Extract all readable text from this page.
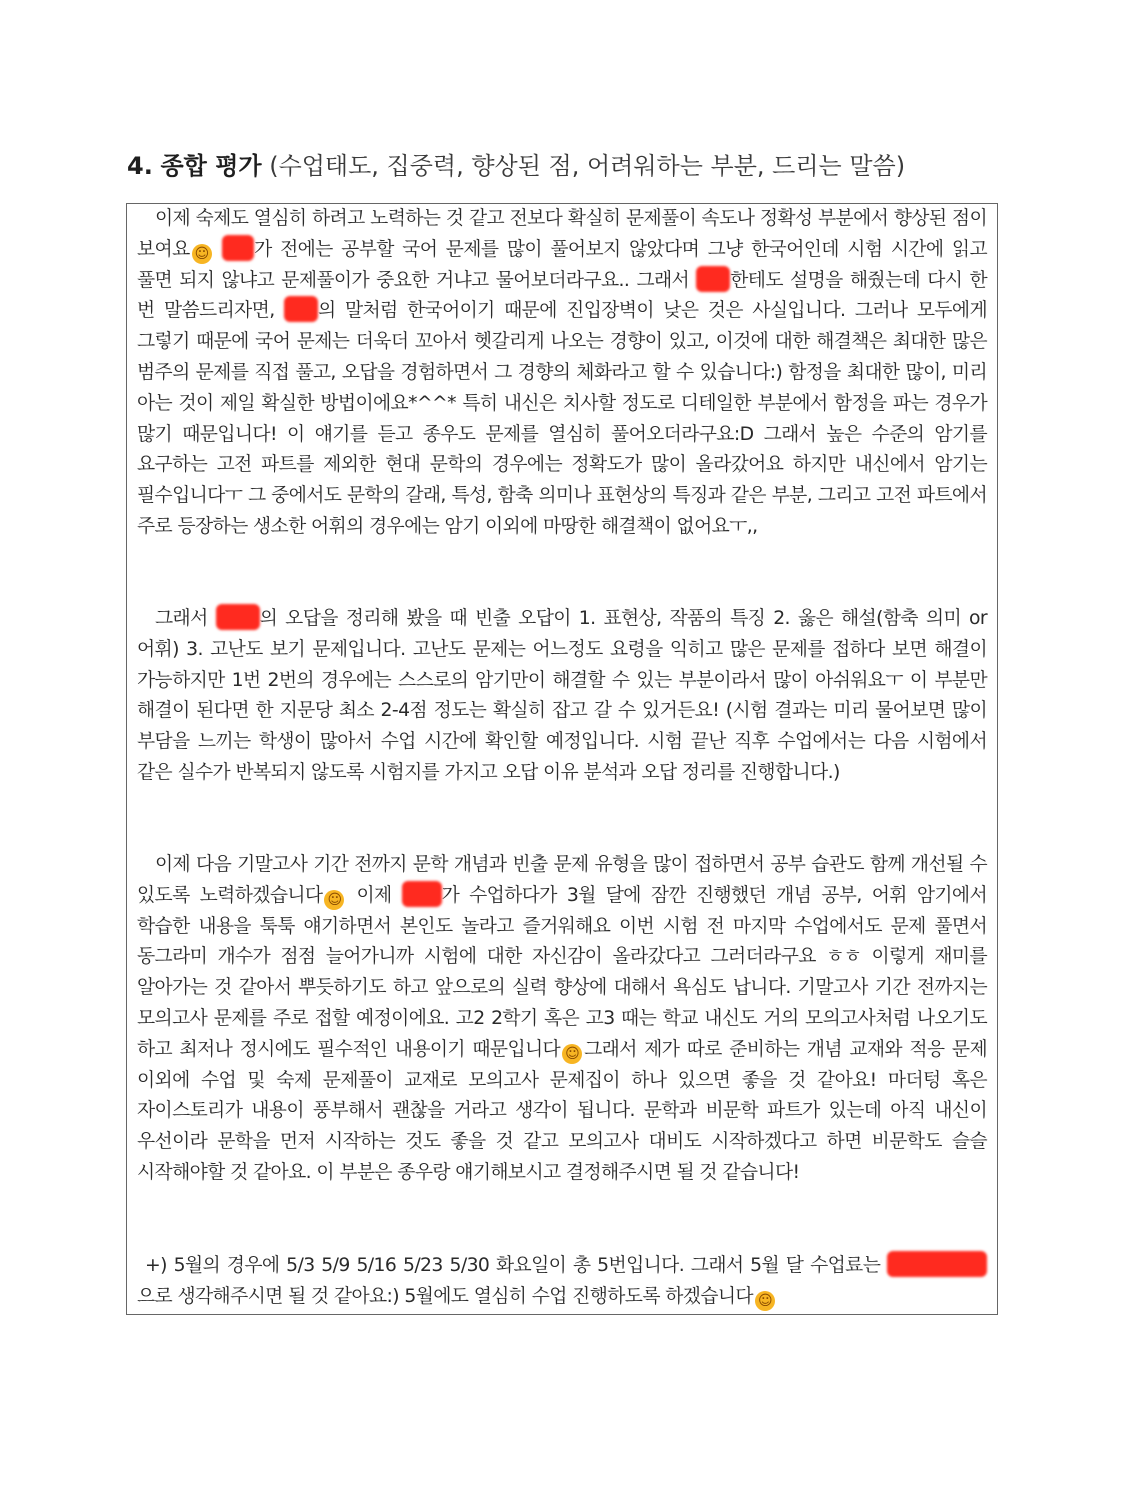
4. 종합 평가 (수업태도, 집중력, 향상된 점, 어려워하는 부분, 드리는 말씀)

이제 숙제도 열심히 하려고 노력하는 것 같고 전보다 확실히 문제풀이 속도나 정확성 부분에서 향상된 점이 보여요 ☺ 가 전에는 공부할 국어 문제를 많이 풀어보지 않았다며 그냥 한국어인데 시험 시간에 읽고 풀면 되지 않냐고 문제풀이가 중요한 거냐고 물어보더라구요.. 그래서 한테도 설명을 해줬는데 다시 한 번 말씀드리자면, 의 말처럼 한국어이기 때문에 진입장벽이 낮은 것은 사실입니다. 그러나 모두에게 그렇기 때문에 국어 문제는 더욱더 꼬아서 헷갈리게 나오는 경향이 있고, 이것에 대한 해결책은 최대한 많은 범주의 문제를 직접 풀고, 오답을 경험하면서 그 경향의 체화라고 할 수 있습니다:) 함정을 최대한 많이, 미리 아는 것이 제일 확실한 방법이에요*^^* 특히 내신은 치사할 정도로 디테일한 부분에서 함정을 파는 경우가 많기 때문입니다! 이 얘기를 듣고 종우도 문제를 열심히 풀어오더라구요:D 그래서 높은 수준의 암기를 요구하는 고전 파트를 제외한 현대 문학의 경우에는 정확도가 많이 올라갔어요 하지만 내신에서 암기는 필수입니다ㅜ 그 중에서도 문학의 갈래, 특성, 함축 의미나 표현상의 특징과 같은 부분, 그리고 고전 파트에서 주로 등장하는 생소한 어휘의 경우에는 암기 이외에 마땅한 해결책이 없어요ㅜ,,

그래서	의 오답을 정리해 봤을 때 빈출 오답이 1. 표현상, 작품의 특징 2. 옳은 해설(함축 의미 or 어휘) 3. 고난도 보기 문제입니다. 고난도 문제는 어느정도 요령을 익히고 많은 문제를 접하다 보면 해결이 가능하지만 1번 2번의 경우에는 스스로의 암기만이 해결할 수 있는 부분이라서 많이 아쉬워요ㅜ 이 부분만 해결이 된다면 한 지문당 최소 2-4점 정도는 확실히 잡고 갈 수 있거든요! (시험 결과는 미리 물어보면 많이 부담을 느끼는 학생이 많아서 수업 시간에 확인할 예정입니다. 시험 끝난 직후 수업에서는 다음 시험에서 같은 실수가 반복되지 않도록 시험지를 가지고 오답 이유 분석과 오답 정리를 진행합니다.)

이제 다음 기말고사 기간 전까지 문학 개념과 빈출 문제 유형을 많이 접하면서 공부 습관도 함께 개선될 수 있도록 노력하겠습니다 ☺ 이제	가 수업하다가 3월 달에 잠깐 진행했던 개념 공부, 어휘 암기에서 학습한 내용을 툭툭 얘기하면서 본인도 놀라고 즐거워해요 이번 시험 전 마지막 수업에서도 문제 풀면서 동그라미 개수가 점점 늘어가니까 시험에 대한 자신감이 올라갔다고 그러더라구요 ㅎㅎ 이렇게 재미를 알아가는 것 같아서 뿌듯하기도 하고 앞으로의 실력 향상에 대해서 욕심도 납니다. 기말고사 기간 전까지는 모의고사 문제를 주로 접할 예정이에요. 고2 2학기 혹은 고3 때는 학교 내신도 거의 모의고사처럼 나오기도 하고 최저나 정시에도 필수적인 내용이기 때문입니다 ☺ 그래서 제가 따로 준비하는 개념 교재와 적응 문제 이외에 수업 및 숙제 문제풀이 교재로 모의고사 문제집이 하나 있으면 좋을 것 같아요! 마더텅 혹은 자이스토리가 내용이 풍부해서 괜찮을 거라고 생각이 됩니다. 문학과 비문학 파트가 있는데 아직 내신이 우선이라 문학을 먼저 시작하는 것도 좋을 것 같고 모의고사 대비도 시작하겠다고 하면 비문학도 슬슬 시작해야할 것 같아요. 이 부분은 종우랑 얘기해보시고 결정해주시면 될 것 같습니다!

+) 5월의 경우에 5/3 5/9 5/16 5/23 5/30 화요일이 총 5번입니다. 그래서 5월 달 수업료는 으로 생각해주시면 될 것 같아요:) 5월에도 열심히 수업 진행하도록 하겠습니다 ☺
